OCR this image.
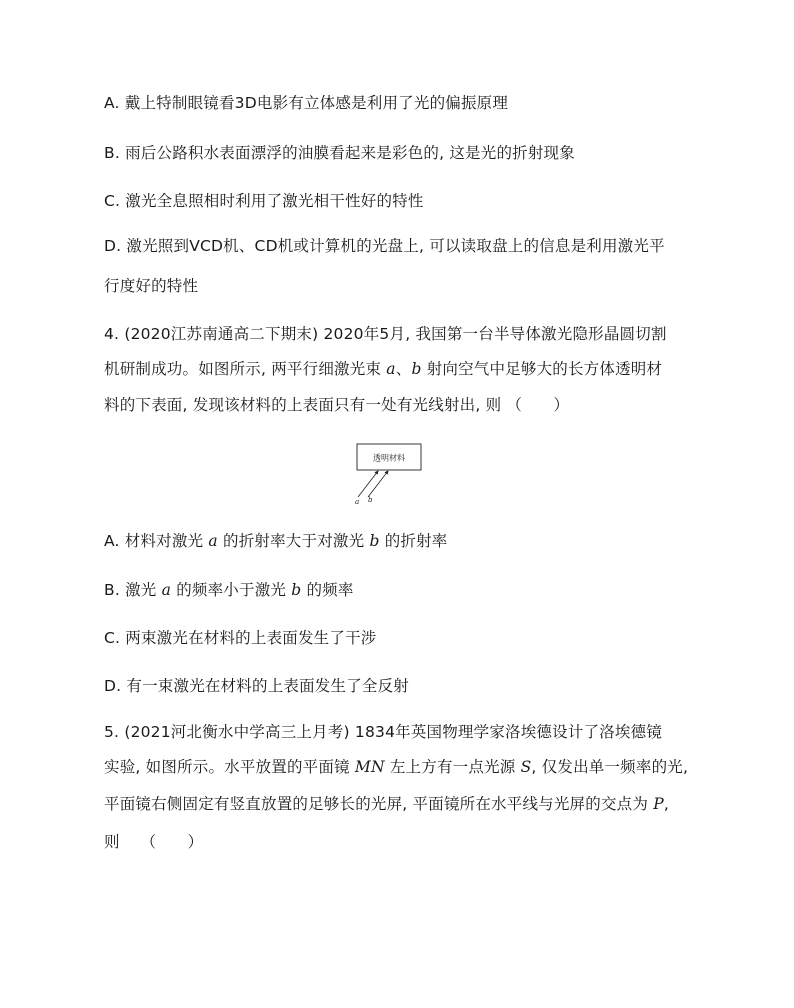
A. 戴上特制眼镜看3D电影有立体感是利用了光的偏振原理
B. 雨后公路积水表面漂浮的油膜看起来是彩色的, 这是光的折射现象
C. 激光全息照相时利用了激光相干性好的特性
D. 激光照到VCD机、CD机或计算机的光盘上, 可以读取盘上的信息是利用激光平
行度好的特性
4. (2020江苏南通高二下期末) 2020年5月, 我国第一台半导体激光隐形晶圆切割
机研制成功。如图所示, 两平行细激光束 a、b 射向空气中足够大的长方体透明材
料的下表面, 发现该材料的上表面只有一处有光线射出, 则 （　　）
透明材料
a b
A. 材料对激光 a 的折射率大于对激光 b 的折射率
B. 激光 a 的频率小于激光 b 的频率
C. 两束激光在材料的上表面发生了干涉
D. 有一束激光在材料的上表面发生了全反射
5. (2021河北衡水中学高三上月考) 1834年英国物理学家洛埃德设计了洛埃德镜
实验, 如图所示。水平放置的平面镜 MN 左上方有一点光源 S, 仅发出单一频率的光,
平面镜右侧固定有竖直放置的足够长的光屏, 平面镜所在水平线与光屏的交点为 P,
则　 （　　）
